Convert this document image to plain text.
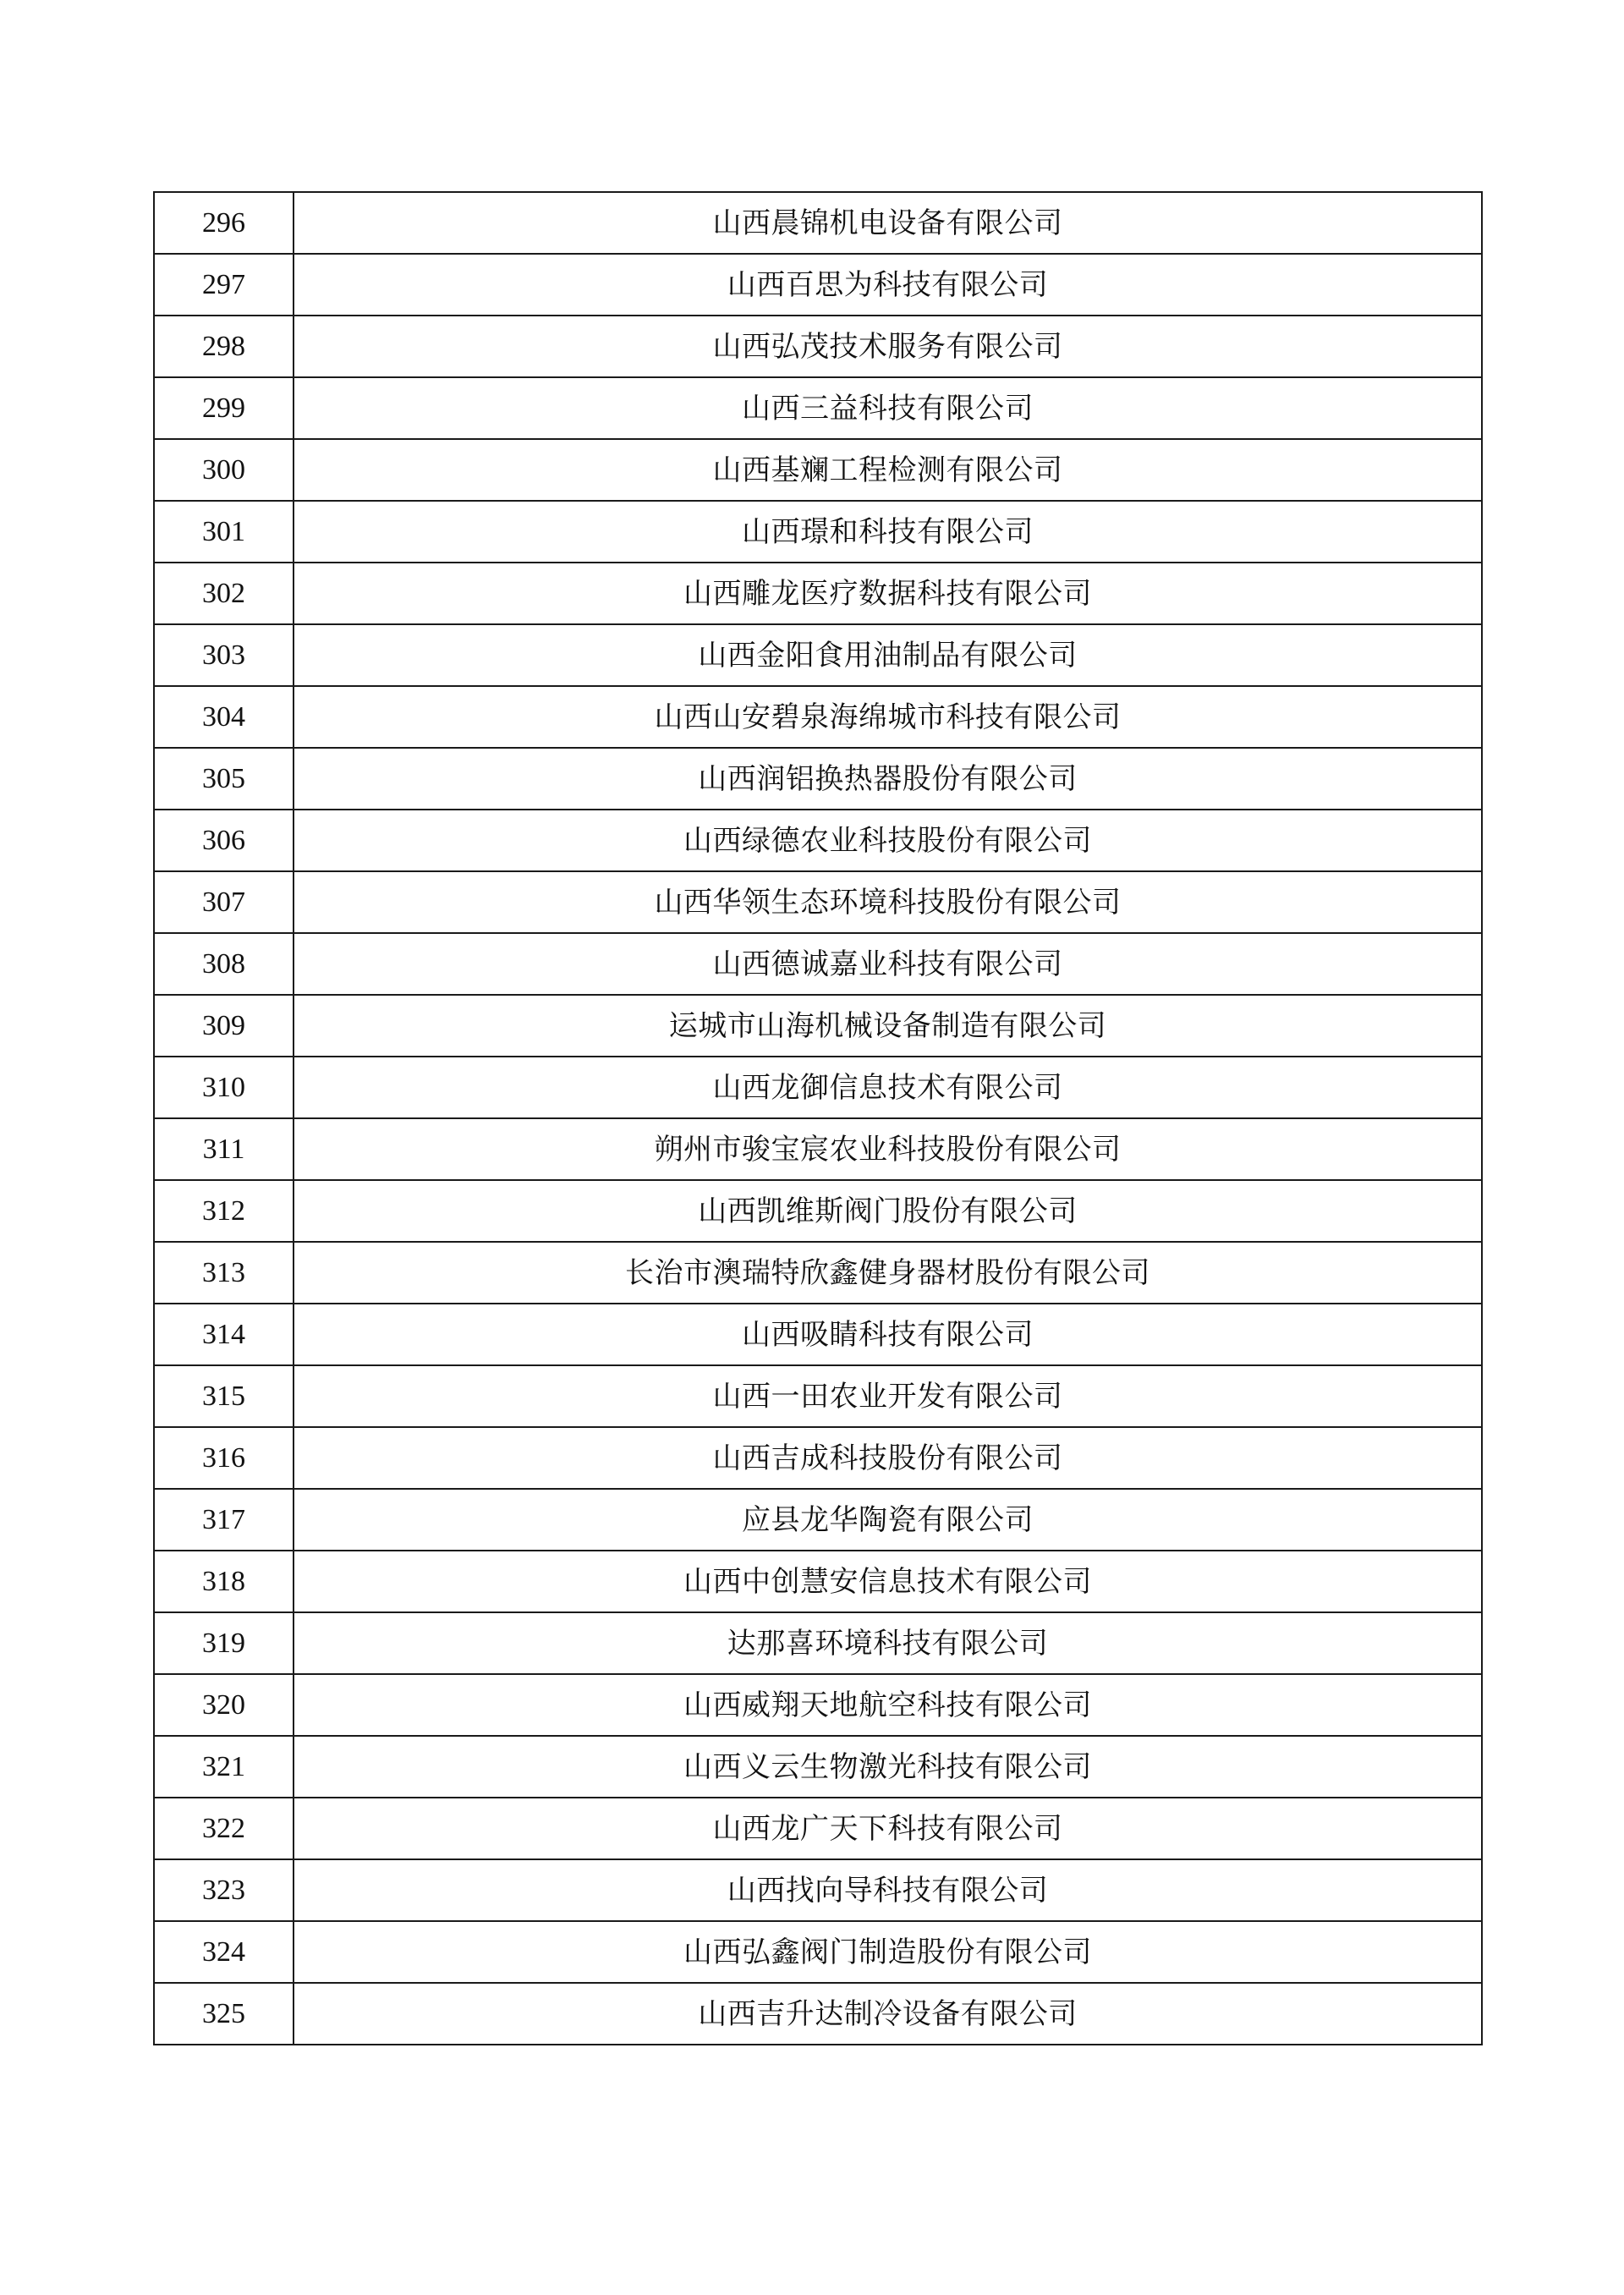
296	山西晨锦机电设备有限公司
297	山西百思为科技有限公司
298	山西弘茂技术服务有限公司
299	山西三益科技有限公司
300	山西基斓工程检测有限公司
301	山西璟和科技有限公司
302	山西雕龙医疗数据科技有限公司
303	山西金阳食用油制品有限公司
304	山西山安碧泉海绵城市科技有限公司
305	山西润铝换热器股份有限公司
306	山西绿德农业科技股份有限公司
307	山西华领生态环境科技股份有限公司
308	山西德诚嘉业科技有限公司
309	运城市山海机械设备制造有限公司
310	山西龙御信息技术有限公司
311	朔州市骏宝宸农业科技股份有限公司
312	山西凯维斯阀门股份有限公司
313	长治市澳瑞特欣鑫健身器材股份有限公司
314	山西吸睛科技有限公司
315	山西一田农业开发有限公司
316	山西吉成科技股份有限公司
317	应县龙华陶瓷有限公司
318	山西中创慧安信息技术有限公司
319	达那喜环境科技有限公司
320	山西威翔天地航空科技有限公司
321	山西义云生物激光科技有限公司
322	山西龙广天下科技有限公司
323	山西找向导科技有限公司
324	山西弘鑫阀门制造股份有限公司
325	山西吉升达制冷设备有限公司
